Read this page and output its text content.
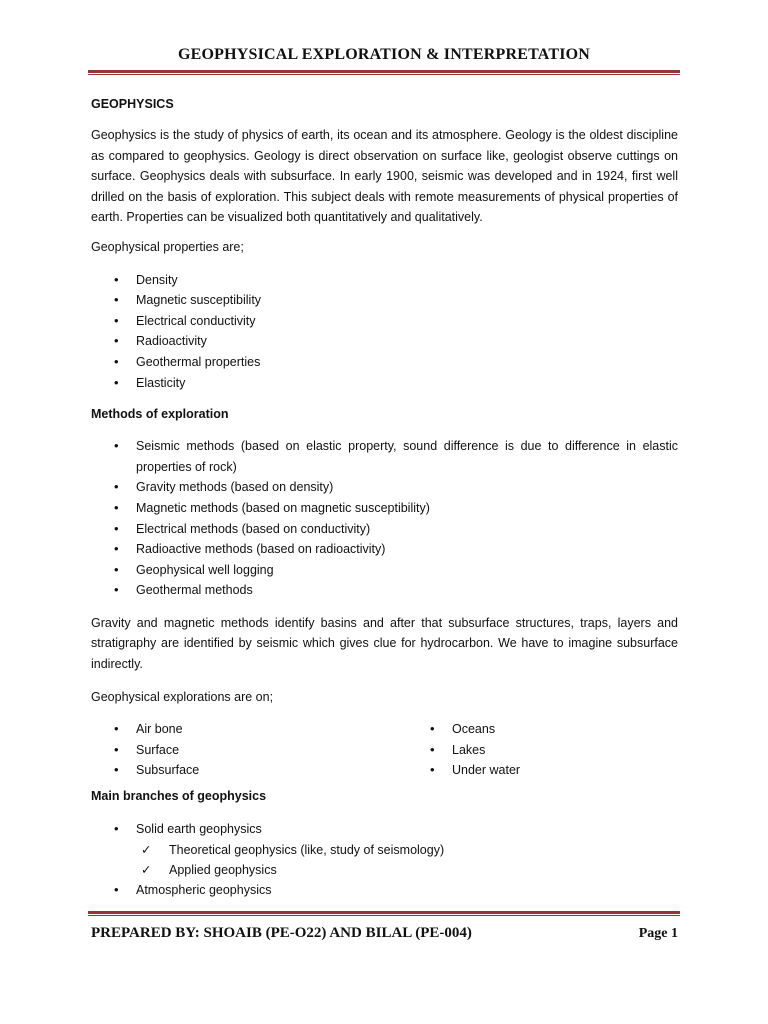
GEOPHYSICAL EXPLORATION & INTERPRETATION

GEOPHYSICS

Geophysics is the study of physics of earth, its ocean and its atmosphere. Geology is the oldest discipline as compared to geophysics. Geology is direct observation on surface like, geologist observe cuttings on surface. Geophysics deals with subsurface. In early 1900, seismic was developed and in 1924, first well drilled on the basis of exploration. This subject deals with remote measurements of physical properties of earth. Properties can be visualized both quantitatively and qualitatively.

Geophysical properties are;

• Density
• Magnetic susceptibility
• Electrical conductivity
• Radioactivity
• Geothermal properties
• Elasticity

Methods of exploration

• Seismic methods (based on elastic property, sound difference is due to difference in elastic properties of rock)
• Gravity methods (based on density)
• Magnetic methods (based on magnetic susceptibility)
• Electrical methods (based on conductivity)
• Radioactive methods (based on radioactivity)
• Geophysical well logging
• Geothermal methods

Gravity and magnetic methods identify basins and after that subsurface structures, traps, layers and stratigraphy are identified by seismic which gives clue for hydrocarbon. We have to imagine subsurface indirectly.

Geophysical explorations are on;

• Air bone
• Surface
• Subsurface
• Oceans
• Lakes
• Under water

Main branches of geophysics

• Solid earth geophysics
✓ Theoretical geophysics (like, study of seismology)
✓ Applied geophysics
• Atmospheric geophysics
PREPARED BY: SHOAIB (PE-O22) AND BILAL (PE-004)	Page 1
